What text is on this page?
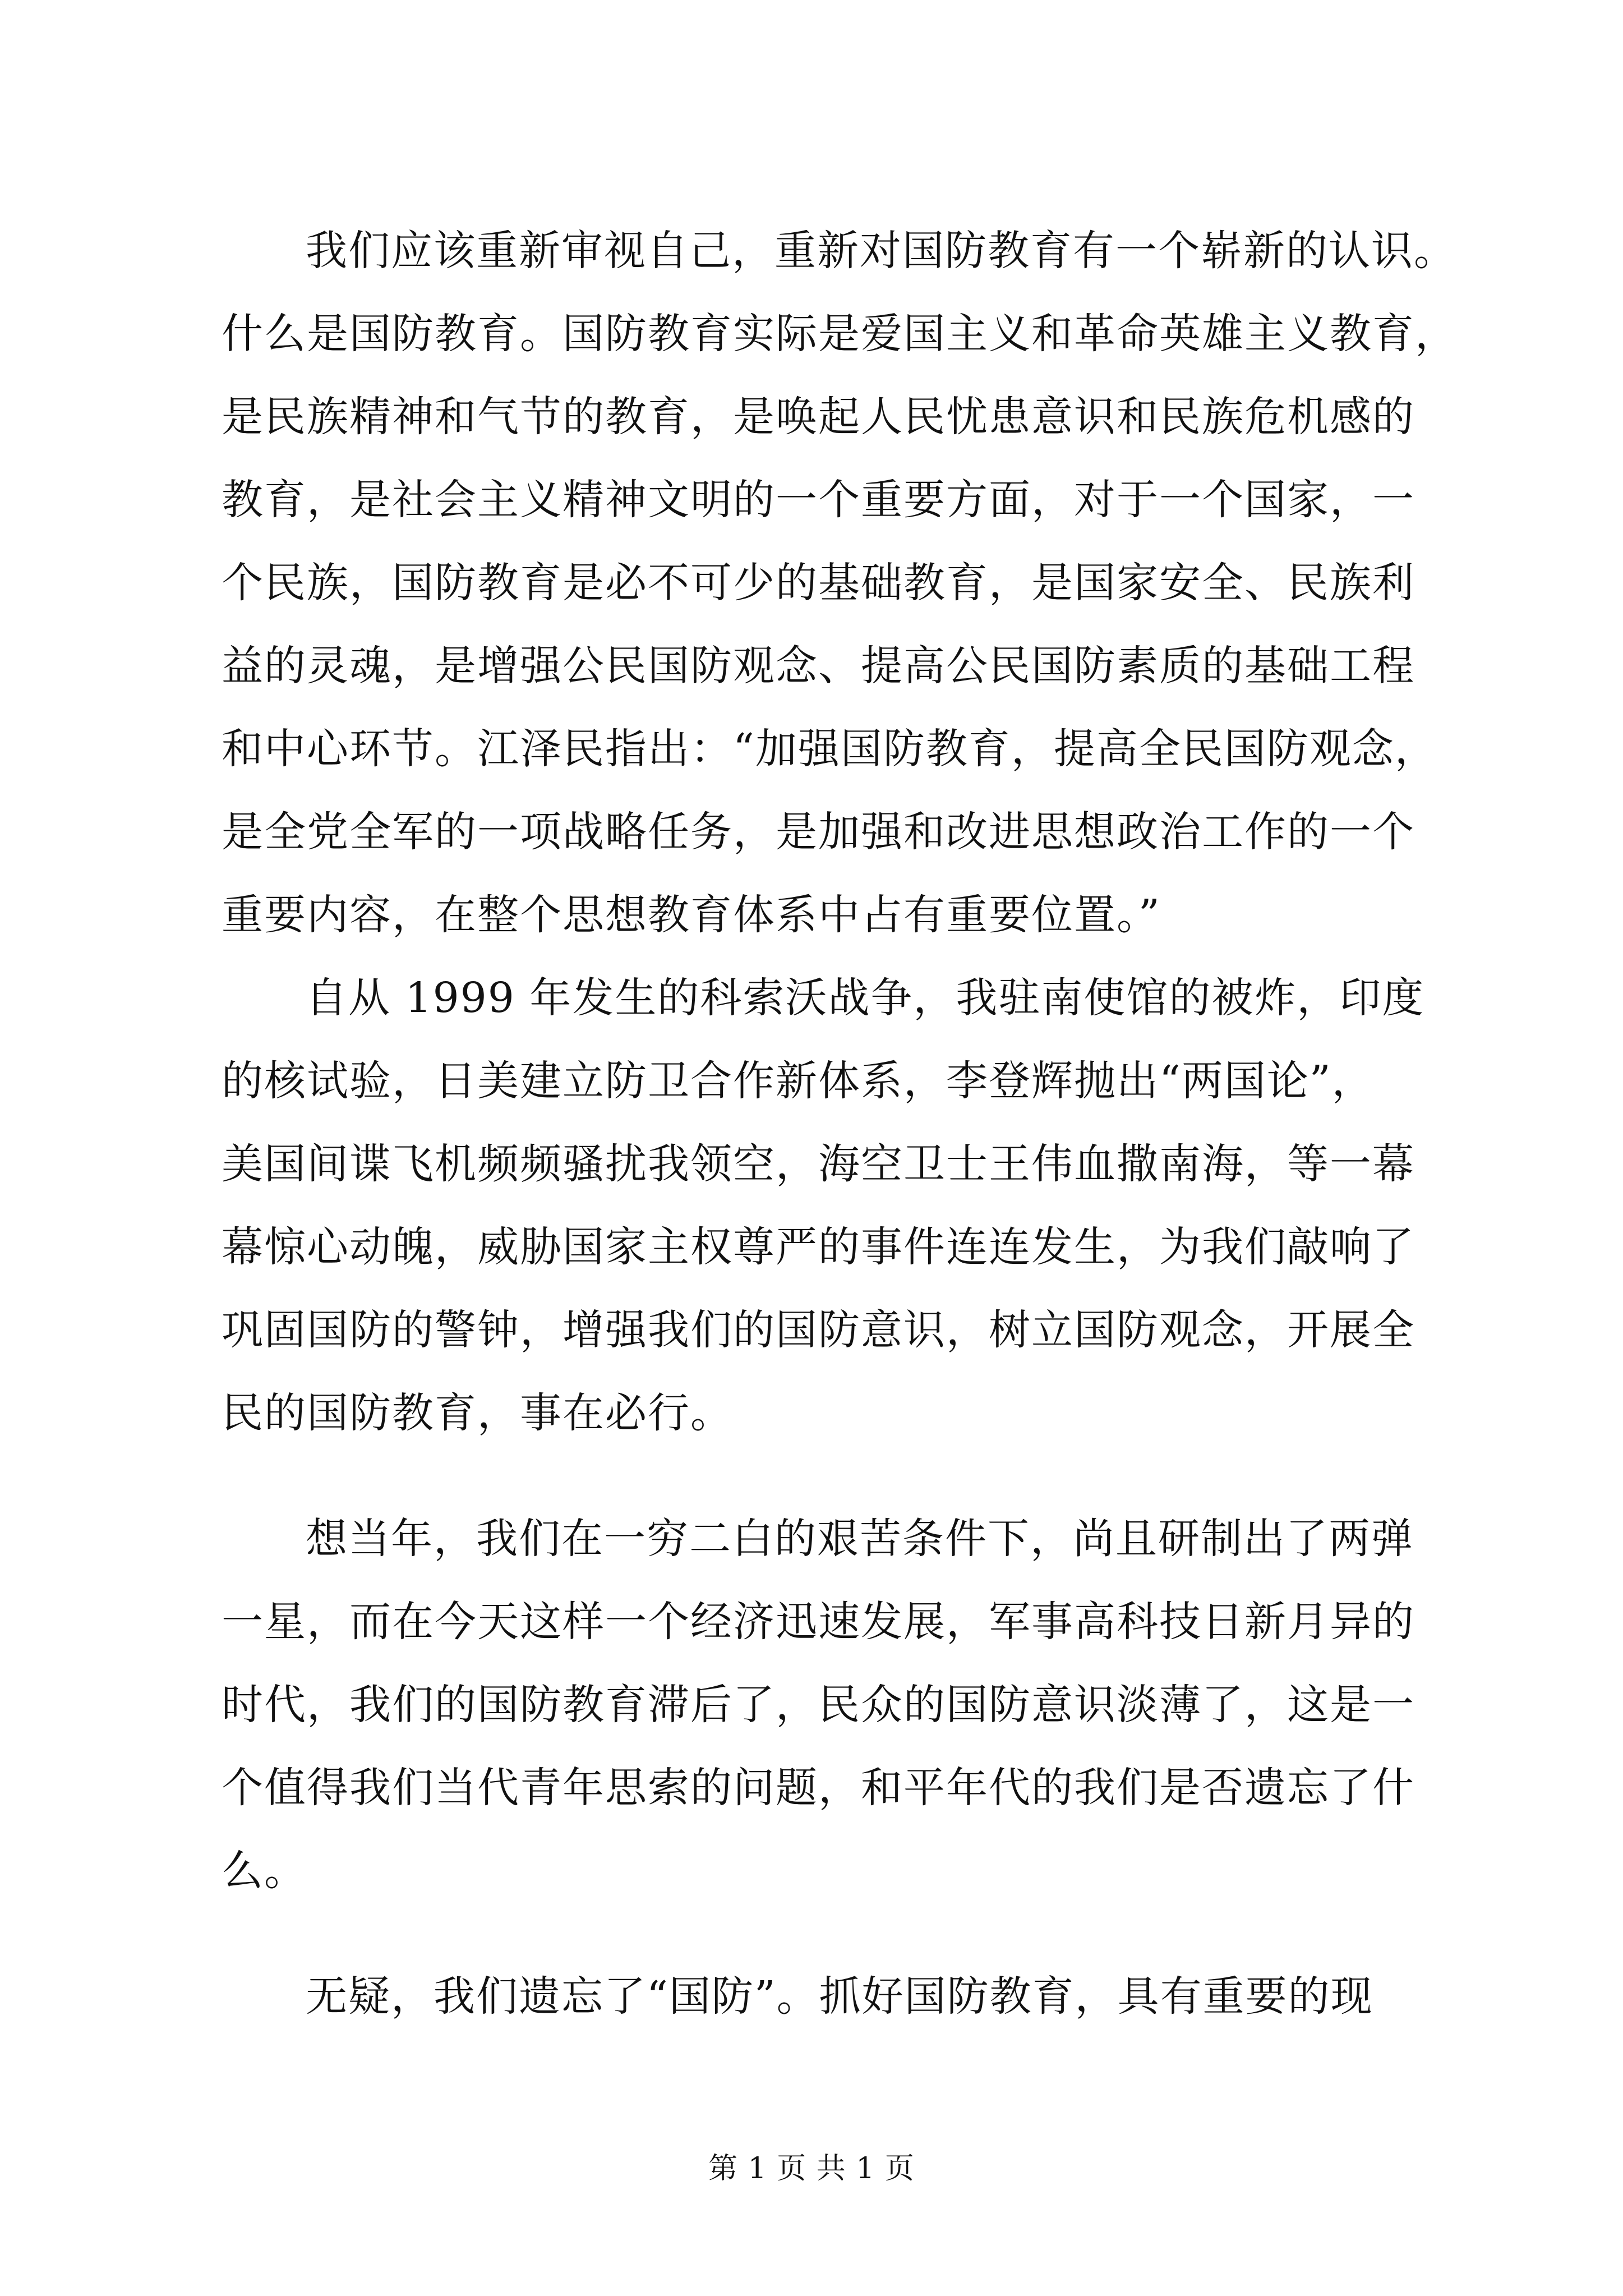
我们应该重新审视自己，重新对国防教育有一个崭新的认识。
什么是国防教育。国防教育实际是爱国主义和革命英雄主义教育，
是民族精神和气节的教育，是唤起人民忧患意识和民族危机感的
教育，是社会主义精神文明的一个重要方面，对于一个国家，一
个民族，国防教育是必不可少的基础教育，是国家安全、民族利
益的灵魂，是增强公民国防观念、提高公民国防素质的基础工程
和中心环节。江泽民指出：“加强国防教育，提高全民国防观念，
是全党全军的一项战略任务，是加强和改进思想政治工作的一个
重要内容，在整个思想教育体系中占有重要位置。”
自从 1999 年发生的科索沃战争，我驻南使馆的被炸，印度
的核试验，日美建立防卫合作新体系，李登辉抛出“两国论”，
美国间谍飞机频频骚扰我领空，海空卫士王伟血撒南海，等一幕
幕惊心动魄，威胁国家主权尊严的事件连连发生，为我们敲响了
巩固国防的警钟，增强我们的国防意识，树立国防观念，开展全
民的国防教育，事在必行。
想当年，我们在一穷二白的艰苦条件下，尚且研制出了两弹
一星，而在今天这样一个经济迅速发展，军事高科技日新月异的
时代，我们的国防教育滞后了，民众的国防意识淡薄了，这是一
个值得我们当代青年思索的问题，和平年代的我们是否遗忘了什
么。
无疑，我们遗忘了“国防”。抓好国防教育，具有重要的现
第 1 页 共 1 页
